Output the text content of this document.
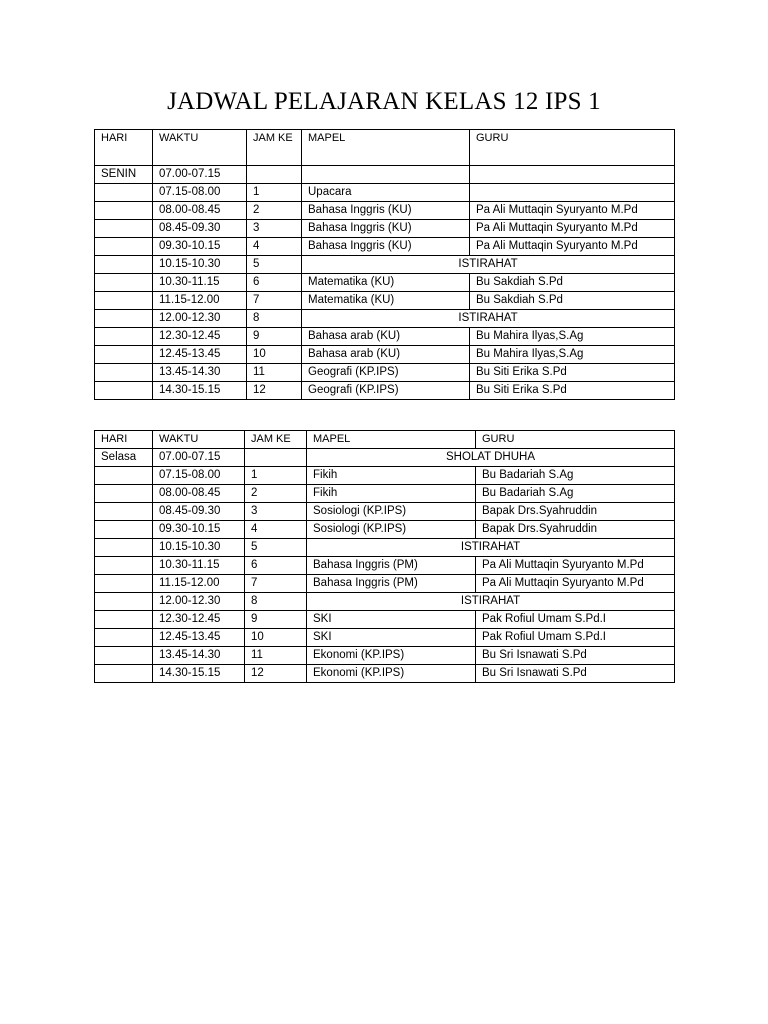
JADWAL PELAJARAN KELAS 12 IPS 1
HARI	WAKTU	JAM KE	MAPEL	GURU
SENIN	07.00-07.15			
	07.15-08.00	1	Upacara	
	08.00-08.45	2	Bahasa Inggris (KU)	Pa Ali Muttaqin Syuryanto M.Pd
	08.45-09.30	3	Bahasa Inggris (KU)	Pa Ali Muttaqin Syuryanto M.Pd
	09.30-10.15	4	Bahasa Inggris (KU)	Pa Ali Muttaqin Syuryanto M.Pd
	10.15-10.30	5	ISTIRAHAT	
	10.30-11.15	6	Matematika (KU)	Bu Sakdiah S.Pd
	11.15-12.00	7	Matematika (KU)	Bu Sakdiah S.Pd
	12.00-12.30	8	ISTIRAHAT	
	12.30-12.45	9	Bahasa arab (KU)	Bu Mahira Ilyas,S.Ag
	12.45-13.45	10	Bahasa arab (KU)	Bu Mahira Ilyas,S.Ag
	13.45-14.30	11	Geografi (KP.IPS)	Bu Siti Erika S.Pd
	14.30-15.15	12	Geografi (KP.IPS)	Bu Siti Erika S.Pd
HARI	WAKTU	JAM KE	MAPEL	GURU
Selasa	07.00-07.15		SHOLAT DHUHA	
	07.15-08.00	1	Fikih	Bu Badariah S.Ag
	08.00-08.45	2	Fikih	Bu Badariah S.Ag
	08.45-09.30	3	Sosiologi (KP.IPS)	Bapak Drs.Syahruddin
	09.30-10.15	4	Sosiologi (KP.IPS)	Bapak Drs.Syahruddin
	10.15-10.30	5	ISTIRAHAT	
	10.30-11.15	6	Bahasa Inggris (PM)	Pa Ali Muttaqin Syuryanto M.Pd
	11.15-12.00	7	Bahasa Inggris (PM)	Pa Ali Muttaqin Syuryanto M.Pd
	12.00-12.30	8	ISTIRAHAT	
	12.30-12.45	9	SKI	Pak Rofiul Umam S.Pd.I
	12.45-13.45	10	SKI	Pak Rofiul Umam S.Pd.I
	13.45-14.30	11	Ekonomi (KP.IPS)	Bu Sri Isnawati S.Pd
	14.30-15.15	12	Ekonomi (KP.IPS)	Bu Sri Isnawati S.Pd
